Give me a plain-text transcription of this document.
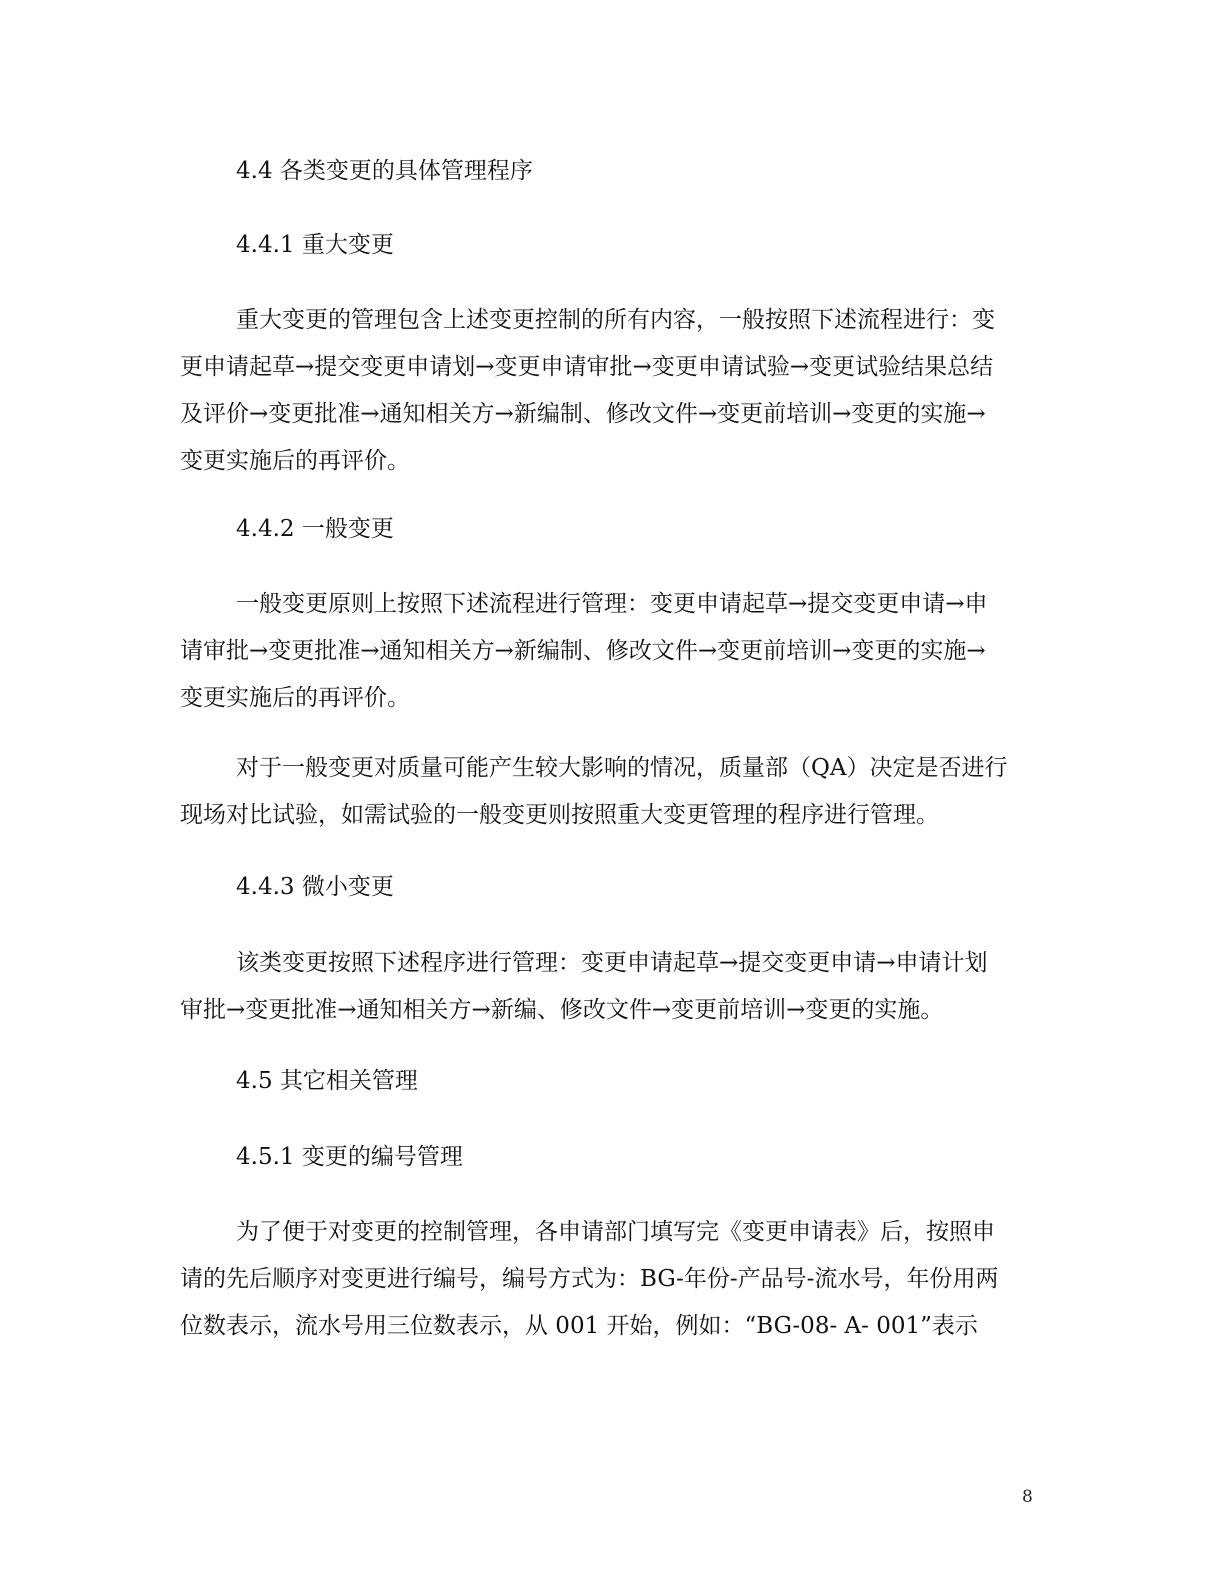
4.4 各类变更的具体管理程序
4.4.1 重大变更
重大变更的管理包含上述变更控制的所有内容，一般按照下述流程进行：变
更申请起草→提交变更申请划→变更申请审批→变更申请试验→变更试验结果总结
及评价→变更批准→通知相关方→新编制、修改文件→变更前培训→变更的实施→
变更实施后的再评价。
4.4.2 一般变更
一般变更原则上按照下述流程进行管理：变更申请起草→提交变更申请→申
请审批→变更批准→通知相关方→新编制、修改文件→变更前培训→变更的实施→
变更实施后的再评价。
对于一般变更对质量可能产生较大影响的情况，质量部（QA）决定是否进行
现场对比试验，如需试验的一般变更则按照重大变更管理的程序进行管理。
4.4.3 微小变更
该类变更按照下述程序进行管理：变更申请起草→提交变更申请→申请计划
审批→变更批准→通知相关方→新编、修改文件→变更前培训→变更的实施。
4.5 其它相关管理
4.5.1 变更的编号管理
为了便于对变更的控制管理，各申请部门填写完《变更申请表》后，按照申
请的先后顺序对变更进行编号，编号方式为：BG-年份-产品号-流水号，年份用两
位数表示，流水号用三位数表示，从 001 开始，例如：“BG-08- A- 001”表示
8
